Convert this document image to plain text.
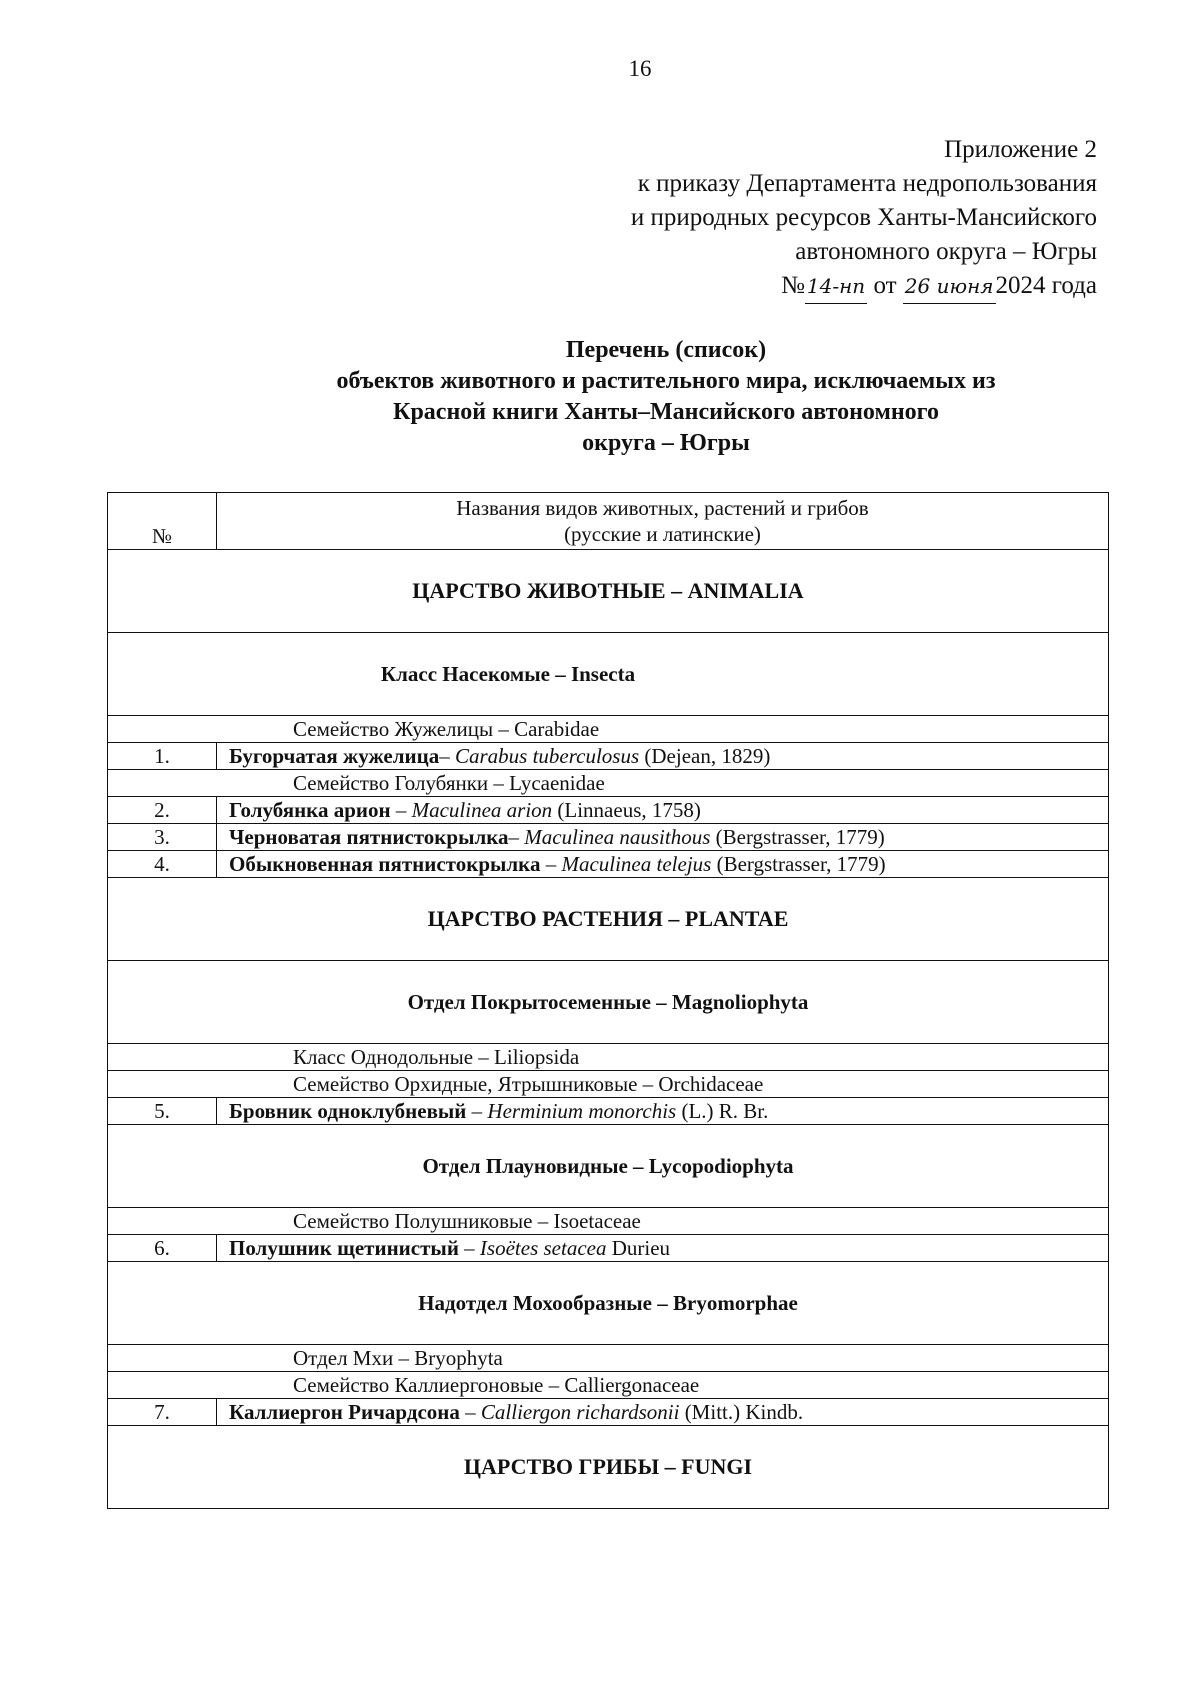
16
Приложение 2
к приказу Департамента недропользования
и природных ресурсов Ханты-Мансийского
автономного округа – Югры
№ 14-нп от 26 июня2024 года
Перечень (список)
объектов животного и растительного мира, исключаемых из
Красной книги Ханты–Мансийского автономного
округа – Югры
№	Названия видов животных, растений и грибов
(русские и латинские)

ЦАРСТВО ЖИВОТНЫЕ – ANIMALIA	
Класс Насекомые – Insecta	
Семейство Жужелицы – Carabidae	
1.	Бугорчатая жужелица– Carabus tuberculosus (Dejean, 1829)
Семейство Голубянки – Lycaenidae	
2.	Голубянка арион – Maculinea arion (Linnaeus, 1758)
3.	Черноватая пятнистокрылка– Maculinea nausithous (Bergstrasser, 1779)
4.	Обыкновенная пятнистокрылка – Maculinea telejus (Bergstrasser, 1779)
ЦАРСТВО РАСТЕНИЯ – PLANTAE	
Отдел Покрытосеменные – Magnoliophyta	
Класс Однодольные – Liliopsida	
Семейство Орхидные, Ятрышниковые – Orchidaceae	
5.	Бровник одноклубневый – Herminium monorchis (L.) R. Br.
Отдел Плауновидные – Lycopodiophyta	
Семейство Полушниковые – Isoetaceae	
6.	Полушник щетинистый – Isoëtes setacea Durieu
Надотдел Мохообразные – Bryomorphae	
Отдел Мхи – Bryophyta	
Семейство Каллиергоновые – Calliergonaceae	
7.	Каллиергон Ричардсона – Calliergon richardsonii (Mitt.) Kindb.
ЦАРСТВО ГРИБЫ – FUNGI	
